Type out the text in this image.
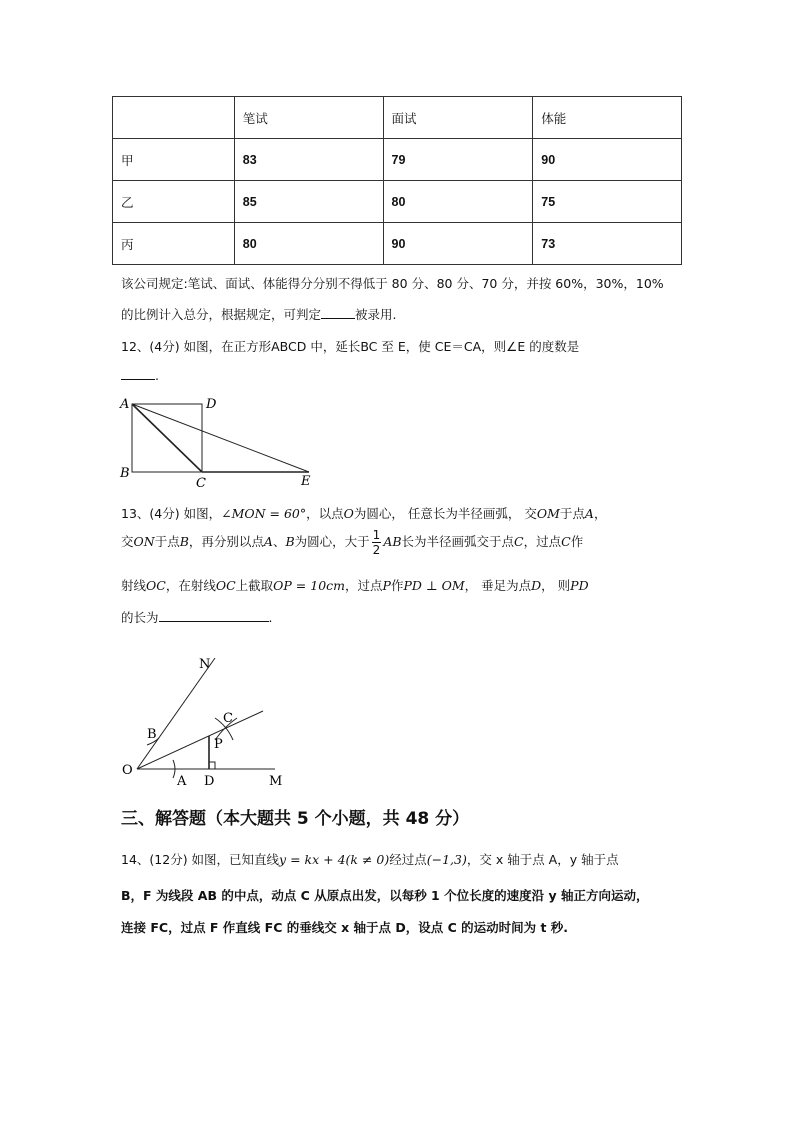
	笔试	面试	体能
甲	83	79	90
乙	85	80	75
丙	80	90	73
该公司规定:笔试、面试、体能得分分别不得低于 80 分、80 分、70 分，并按 60%，30%，10%
的比例计入总分，根据规定，可判定	被录用.
12、(4分) 如图，在正方形ABCD 中，延长BC 至 E，使 CE＝CA，则∠E 的度数是
.
A	D
B
C	E
13、(4分) 如图，∠MON = 60°，以点O为圆心， 任意长为半径画弧， 交OM于点A，
交ON于点B，再分别以点A、B为圆心，大于 $\frac{1}{2}$ AB长为半径画弧交于点C，过点C作
射线OC，在射线OC上截取OP = 10cm，过点P作PD ⊥ OM， 垂足为点D， 则PD
的长为	.
N
B
C
P
O
A D	M
三、解答题（本大题共 5 个小题，共 48 分）
14、(12分) 如图，已知直线y = kx + 4(k ≠ 0)经过点(−1,3)，交 x 轴于点 A，y 轴于点
B，F 为线段 AB 的中点，动点 C 从原点出发，以每秒 1 个位长度的速度沿 y 轴正方向运动，
连接 FC，过点 F 作直线 FC 的垂线交 x 轴于点 D，设点 C 的运动时间为 t 秒.
